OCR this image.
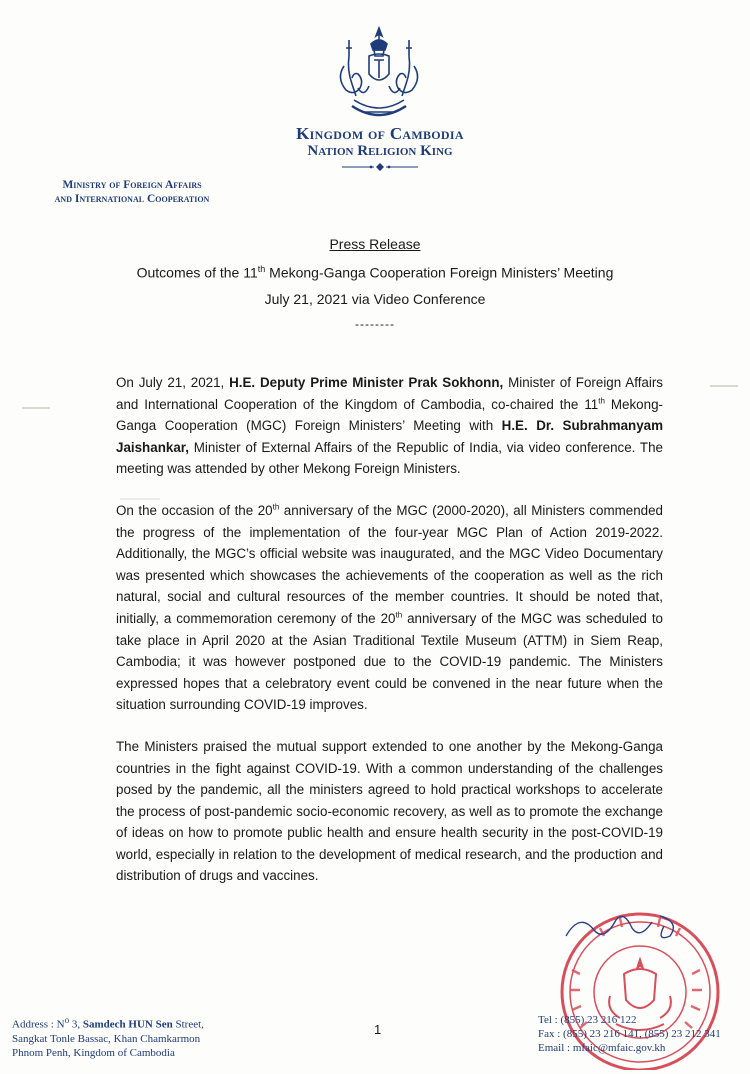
Kingdom of Cambodia
Nation Religion King
Ministry of Foreign Affairs
and International Cooperation
Press Release
Outcomes of the 11th Mekong-Ganga Cooperation Foreign Ministers’ Meeting
July 21, 2021 via Video Conference
--------

On July 21, 2021, H.E. Deputy Prime Minister Prak Sokhonn, Minister of Foreign Affairs and International Cooperation of the Kingdom of Cambodia, co-chaired the 11th Mekong-Ganga Cooperation (MGC) Foreign Ministers’ Meeting with H.E. Dr. Subrahmanyam Jaishankar, Minister of External Affairs of the Republic of India, via video conference. The meeting was attended by other Mekong Foreign Ministers.

On the occasion of the 20th anniversary of the MGC (2000-2020), all Ministers commended the progress of the implementation of the four-year MGC Plan of Action 2019-2022. Additionally, the MGC’s official website was inaugurated, and the MGC Video Documentary was presented which showcases the achievements of the cooperation as well as the rich natural, social and cultural resources of the member countries. It should be noted that, initially, a commemoration ceremony of the 20th anniversary of the MGC was scheduled to take place in April 2020 at the Asian Traditional Textile Museum (ATTM) in Siem Reap, Cambodia; it was however postponed due to the COVID-19 pandemic. The Ministers expressed hopes that a celebratory event could be convened in the near future when the situation surrounding COVID-19 improves.

The Ministers praised the mutual support extended to one another by the Mekong-Ganga countries in the fight against COVID-19. With a common understanding of the challenges posed by the pandemic, all the ministers agreed to hold practical workshops to accelerate the process of post-pandemic socio-economic recovery, as well as to promote the exchange of ideas on how to promote public health and ensure health security in the post-COVID-19 world, especially in relation to the development of medical research, and the production and distribution of drugs and vaccines.

Address : $N^o$ 3, Samdech HUN Sen Street,
Sangkat Tonle Bassac, Khan Chamkarmon
Phnom Penh, Kingdom of Cambodia
1
Tel : (855) 23 216 122
Fax : (855) 23 216 141, (855) 23 212 341
Email : mfaic@mfaic.gov.kh
